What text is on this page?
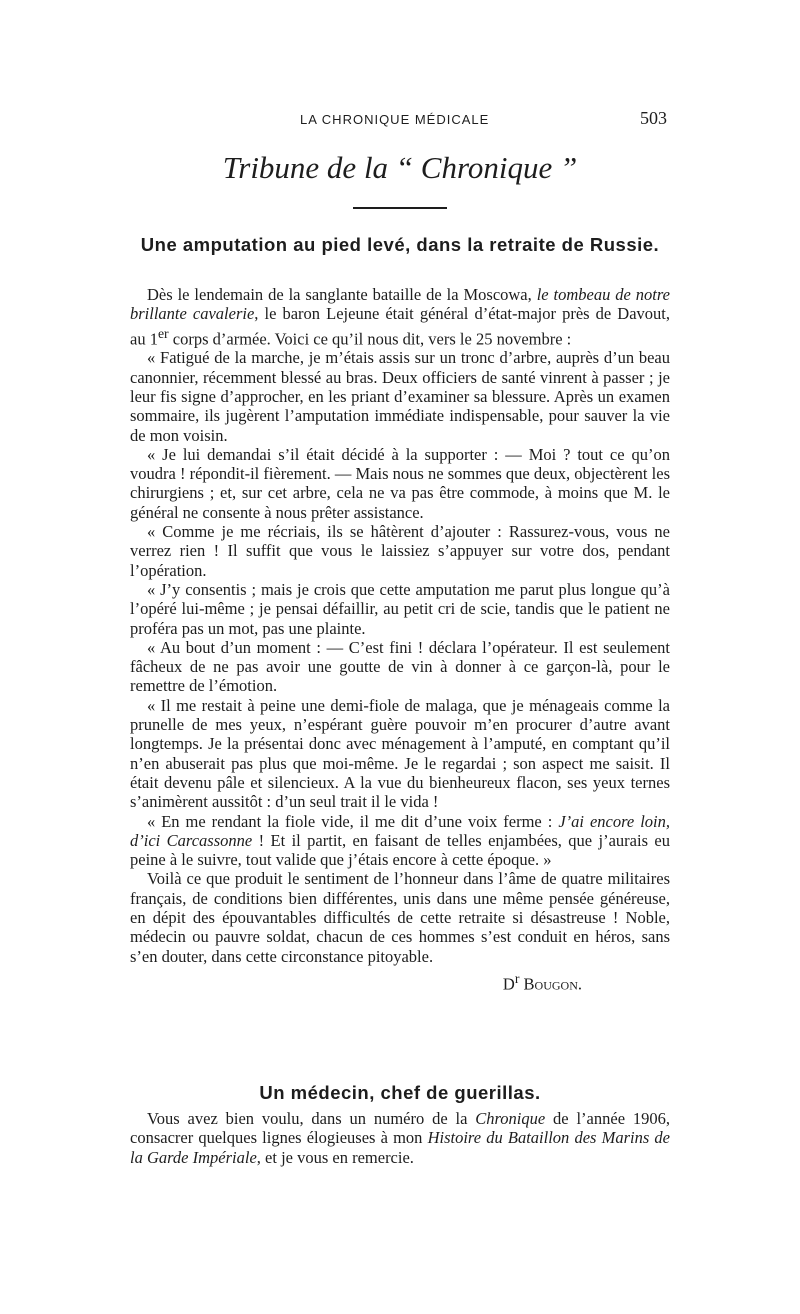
LA CHRONIQUE MÉDICALE	503
Tribune de la “ Chronique ”
Une amputation au pied levé, dans la retraite de Russie.

Dès le lendemain de la sanglante bataille de la Moscowa, le tombeau de notre brillante cavalerie, le baron Lejeune était général d’état-major près de Davout, au 1er corps d’armée. Voici ce qu’il nous dit, vers le 25 novembre :

« Fatigué de la marche, je m’étais assis sur un tronc d’arbre, auprès d’un beau canonnier, récemment blessé au bras. Deux officiers de santé vinrent à passer ; je leur fis signe d’approcher, en les priant d’examiner sa blessure. Après un examen sommaire, ils jugèrent l’amputation immédiate indispensable, pour sauver la vie de mon voisin.

« Je lui demandai s’il était décidé à la supporter : — Moi ? tout ce qu’on voudra ! répondit-il fièrement. — Mais nous ne sommes que deux, objectèrent les chirurgiens ; et, sur cet arbre, cela ne va pas être commode, à moins que M. le général ne consente à nous prêter assistance.

« Comme je me récriais, ils se hâtèrent d’ajouter : Rassurez-vous, vous ne verrez rien ! Il suffit que vous le laissiez s’appuyer sur votre dos, pendant l’opération.

« J’y consentis ; mais je crois que cette amputation me parut plus longue qu’à l’opéré lui-même ; je pensai défaillir, au petit cri de scie, tandis que le patient ne proféra pas un mot, pas une plainte.

« Au bout d’un moment : — C’est fini ! déclara l’opérateur. Il est seulement fâcheux de ne pas avoir une goutte de vin à donner à ce garçon-là, pour le remettre de l’émotion.

« Il me restait à peine une demi-fiole de malaga, que je ménageais comme la prunelle de mes yeux, n’espérant guère pouvoir m’en procurer d’autre avant longtemps. Je la présentai donc avec ménagement à l’amputé, en comptant qu’il n’en abuserait pas plus que moi-même. Je le regardai ; son aspect me saisit. Il était devenu pâle et silencieux. A la vue du bienheureux flacon, ses yeux ternes s’animèrent aussitôt : d’un seul trait il le vida !

« En me rendant la fiole vide, il me dit d’une voix ferme : J’ai encore loin, d’ici Carcassonne ! Et il partit, en faisant de telles enjambées, que j’aurais eu peine à le suivre, tout valide que j’étais encore à cette époque. »

Voilà ce que produit le sentiment de l’honneur dans l’âme de quatre militaires français, de conditions bien différentes, unis dans une même pensée généreuse, en dépit des épouvantables difficultés de cette retraite si désastreuse ! Noble, médecin ou pauvre soldat, chacun de ces hommes s’est conduit en héros, sans s’en douter, dans cette circonstance pitoyable.

$D^r$ Bougon.

Un médecin, chef de guerillas.

Vous avez bien voulu, dans un numéro de la Chronique de l’année 1906, consacrer quelques lignes élogieuses à mon Histoire du Bataillon des Marins de la Garde Impériale, et je vous en remercie.
